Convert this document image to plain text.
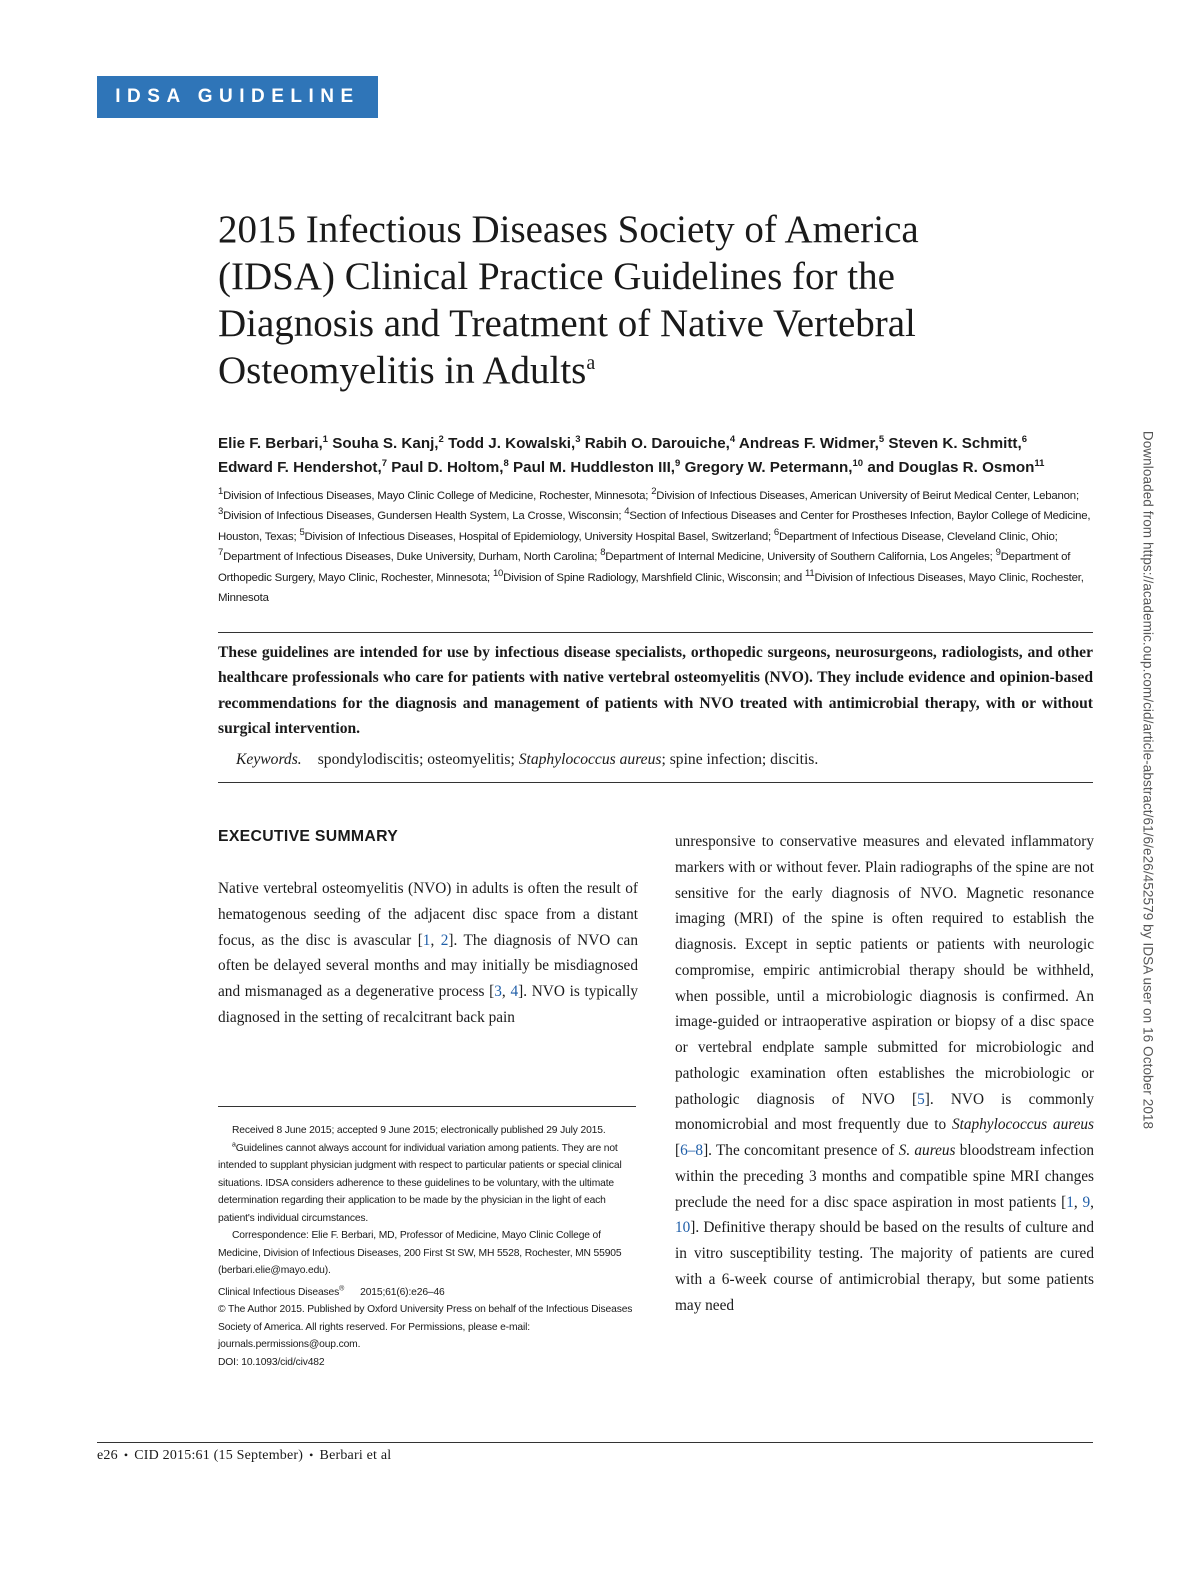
IDSA GUIDELINE
2015 Infectious Diseases Society of America
(IDSA) Clinical Practice Guidelines for the
Diagnosis and Treatment of Native Vertebral
Osteomyelitis in Adults$^a$
Elie F. Berbari,$^1$ Souha S. Kanj,$^2$ Todd J. Kowalski,$^3$ Rabih O. Darouiche,$^4$ Andreas F. Widmer,$^5$ Steven K. Schmitt,$^6$
Edward F. Hendershot,$^7$ Paul D. Holtom,$^8$ Paul M. Huddleston III,$^9$ Gregory W. Petermann,$^{10}$ and Douglas R. Osmon$^{11}$
$^1$Division of Infectious Diseases, Mayo Clinic College of Medicine, Rochester, Minnesota; $^2$Division of Infectious Diseases, American University of Beirut Medical Center, Lebanon; $^3$Division of Infectious Diseases, Gundersen Health System, La Crosse, Wisconsin; $^4$Section of Infectious Diseases and Center for Prostheses Infection, Baylor College of Medicine, Houston, Texas; $^5$Division of Infectious Diseases, Hospital of Epidemiology, University Hospital Basel, Switzerland; $^6$Department of Infectious Disease, Cleveland Clinic, Ohio; $^7$Department of Infectious Diseases, Duke University, Durham, North Carolina; $^8$Department of Internal Medicine, University of Southern California, Los Angeles; $^9$Department of Orthopedic Surgery, Mayo Clinic, Rochester, Minnesota; $^{10}$Division of Spine Radiology, Marshfield Clinic, Wisconsin; and $^{11}$Division of Infectious Diseases, Mayo Clinic, Rochester, Minnesota
These guidelines are intended for use by infectious disease specialists, orthopedic surgeons, neurosurgeons, radiologists, and other healthcare professionals who care for patients with native vertebral osteomyelitis (NVO). They include evidence and opinion-based recommendations for the diagnosis and management of patients with NVO treated with antimicrobial therapy, with or without surgical intervention.
Keywords. spondylodiscitis; osteomyelitis; Staphylococcus aureus; spine infection; discitis.
EXECUTIVE SUMMARY
Native vertebral osteomyelitis (NVO) in adults is often the result of hematogenous seeding of the adjacent disc space from a distant focus, as the disc is avascular [1, 2]. The diagnosis of NVO can often be delayed several months and may initially be misdiagnosed and mismanaged as a degenerative process [3, 4]. NVO is typically diagnosed in the setting of recalcitrant back pain

Received 8 June 2015; accepted 9 June 2015; electronically published 29 July 2015.

$^a$Guidelines cannot always account for individual variation among patients. They are not intended to supplant physician judgment with respect to particular patients or special clinical situations. IDSA considers adherence to these guidelines to be voluntary, with the ultimate determination regarding their application to be made by the physician in the light of each patient's individual circumstances.

Correspondence: Elie F. Berbari, MD, Professor of Medicine, Mayo Clinic College of Medicine, Division of Infectious Diseases, 200 First St SW, MH 5528, Rochester, MN 55905 (berbari.elie@mayo.edu).

Clinical Infectious Diseases® 2015;61(6):e26–46

© The Author 2015. Published by Oxford University Press on behalf of the Infectious Diseases Society of America. All rights reserved. For Permissions, please e-mail: journals.permissions@oup.com.

DOI: 10.1093/cid/civ482

unresponsive to conservative measures and elevated inflammatory markers with or without fever. Plain radiographs of the spine are not sensitive for the early diagnosis of NVO. Magnetic resonance imaging (MRI) of the spine is often required to establish the diagnosis. Except in septic patients or patients with neurologic compromise, empiric antimicrobial therapy should be withheld, when possible, until a microbiologic diagnosis is confirmed. An image-guided or intraoperative aspiration or biopsy of a disc space or vertebral endplate sample submitted for microbiologic and pathologic examination often establishes the microbiologic or pathologic diagnosis of NVO [5]. NVO is commonly monomicrobial and most frequently due to Staphylococcus aureus [6–8]. The concomitant presence of S. aureus bloodstream infection within the preceding 3 months and compatible spine MRI changes preclude the need for a disc space aspiration in most patients [1, 9, 10]. Definitive therapy should be based on the results of culture and in vitro susceptibility testing. The majority of patients are cured with a 6-week course of antimicrobial therapy, but some patients may need
e26 • CID 2015:61 (15 September) • Berbari et al
Downloaded from https://academic.oup.com/cid/article-abstract/61/6/e26/452579 by IDSA user on 16 October 2018
